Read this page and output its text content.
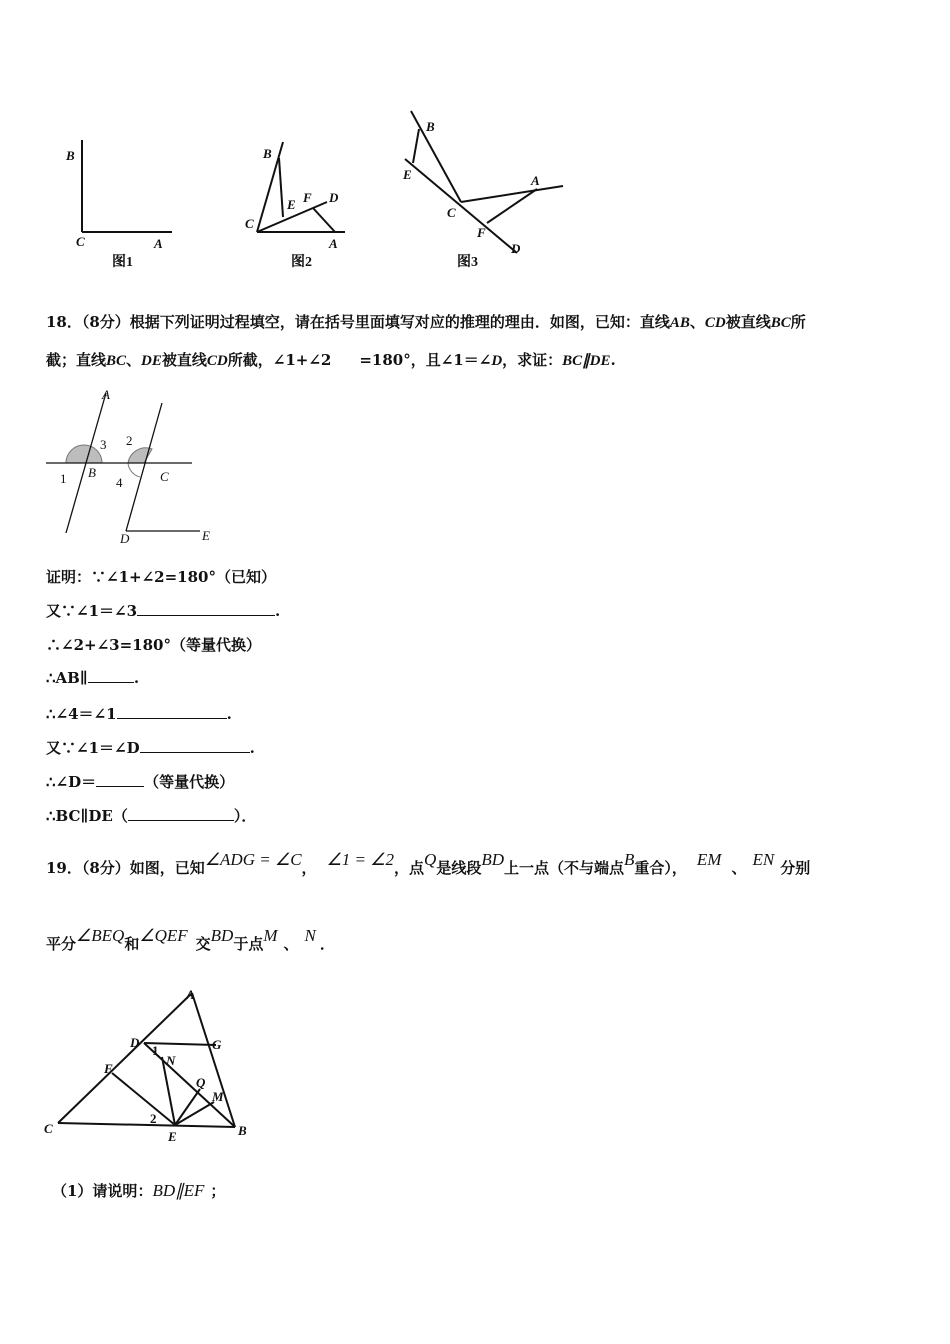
B
C	A
图1
B
E F D
C
A
图2
B
E	A
C
F
D
图3
18．（8分）根据下列证明过程填空，请在括号里面填写对应的推理的理由．如图，已知：直线AB、CD被直线BC所
截；直线BC、DE被直线CD所截，∠1+∠2 =180°，且∠1＝∠D，求证：BC∥DE.
A
3 2
1 B
4	C
D	E
证明：∵∠1+∠2=180°（已知）
又∵∠1＝∠3	.
∴∠2+∠3=180°（等量代换）
∴AB∥	.
∴∠4＝∠1	.
又∵∠1＝∠D	.
∴∠D＝	（等量代换）
∴BC∥DE（	）．
19．（8分）如图，已知∠ADG = ∠C， ∠1 = ∠2，点Q是线段BD上一点（不与端点B重合）， EM 、 EN 分别
平分∠BEQ和∠QEF 交BD于点M 、 N ．
A
D	G
1
N
F
Q
M
2
C
E	B
（1）请说明：BD∥EF ；
